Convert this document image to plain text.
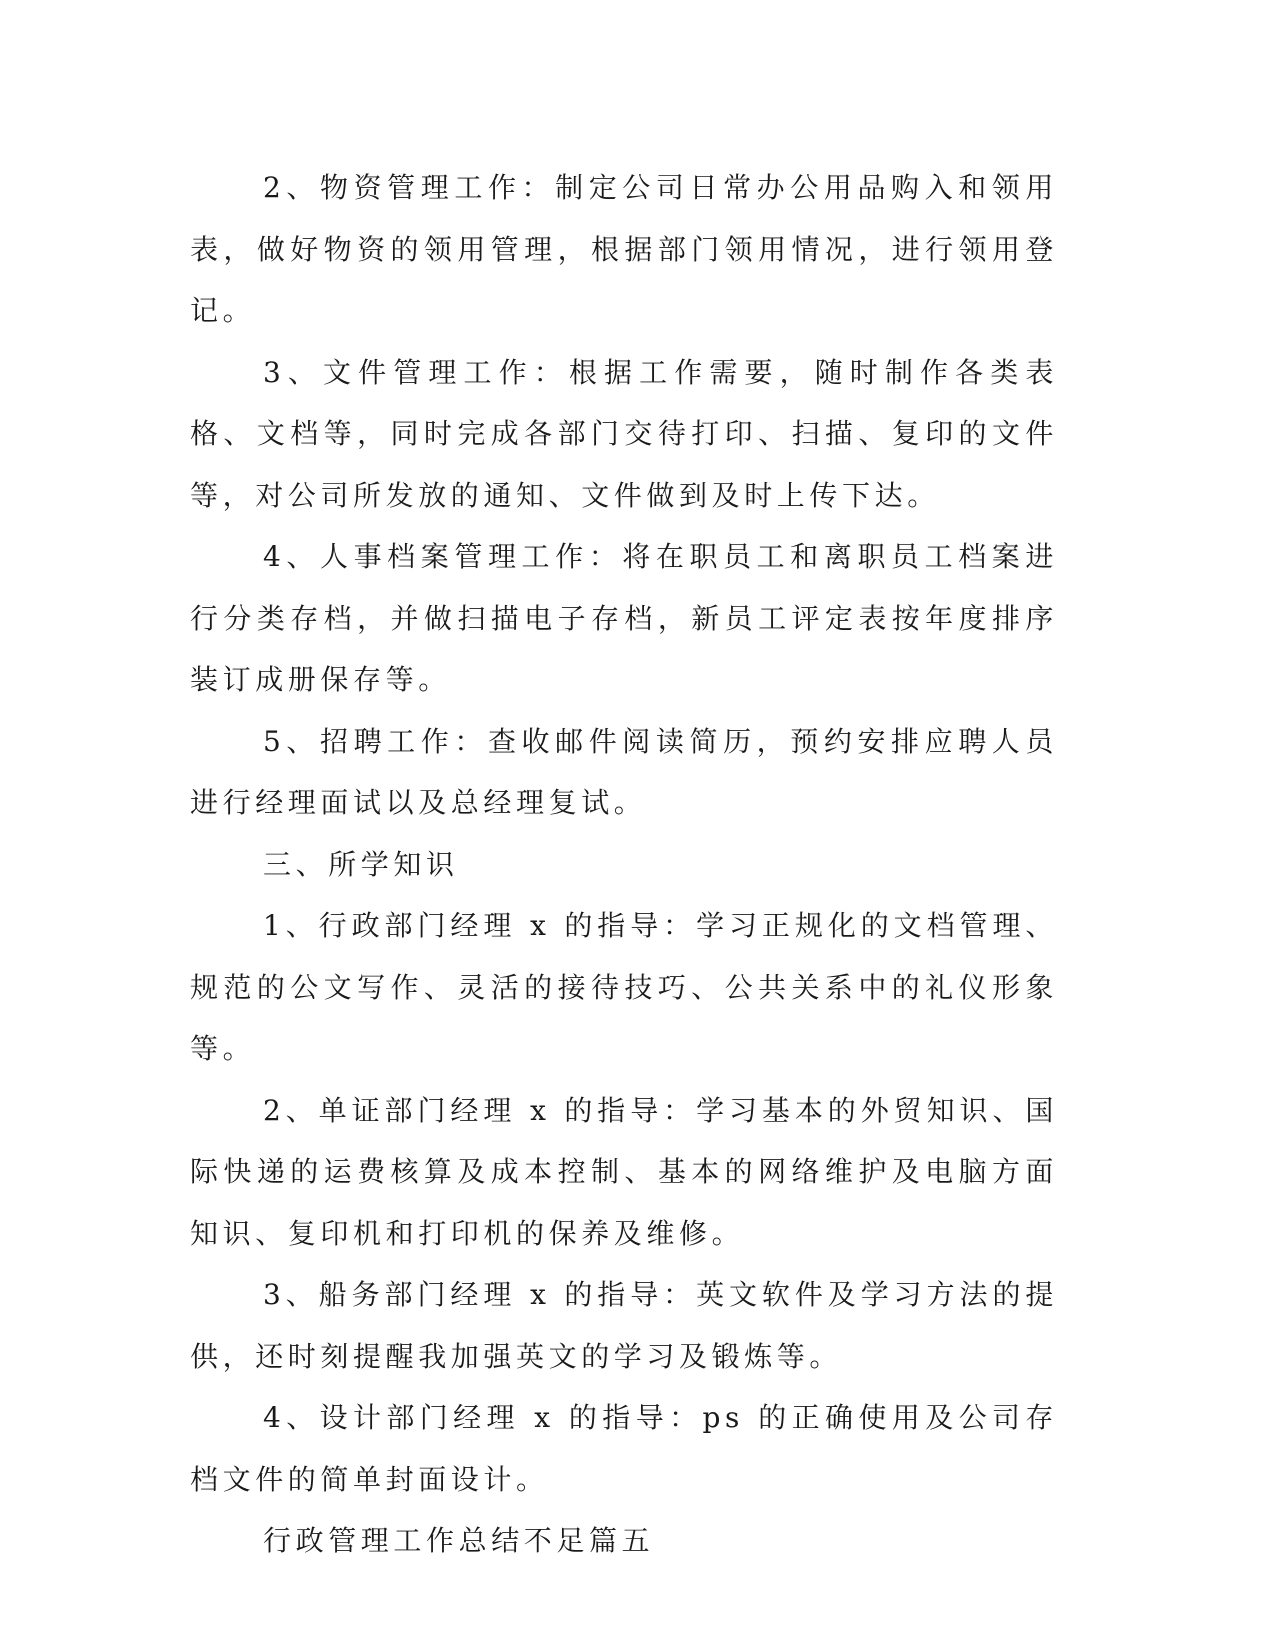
2、物资管理工作：制定公司日常办公用品购入和领用表，做好物资的领用管理，根据部门领用情况，进行领用登记。

3、文件管理工作：根据工作需要，随时制作各类表格、文档等，同时完成各部门交待打印、扫描、复印的文件等，对公司所发放的通知、文件做到及时上传下达。

4、人事档案管理工作：将在职员工和离职员工档案进行分类存档，并做扫描电子存档，新员工评定表按年度排序装订成册保存等。

5、招聘工作：查收邮件阅读简历，预约安排应聘人员进行经理面试以及总经理复试。

三、所学知识

1、行政部门经理 x 的指导：学习正规化的文档管理、规范的公文写作、灵活的接待技巧、公共关系中的礼仪形象等。

2、单证部门经理 x 的指导：学习基本的外贸知识、国际快递的运费核算及成本控制、基本的网络维护及电脑方面知识、复印机和打印机的保养及维修。

3、船务部门经理 x 的指导：英文软件及学习方法的提供，还时刻提醒我加强英文的学习及锻炼等。

4、设计部门经理 x 的指导：ps 的正确使用及公司存档文件的简单封面设计。

行政管理工作总结不足篇五
